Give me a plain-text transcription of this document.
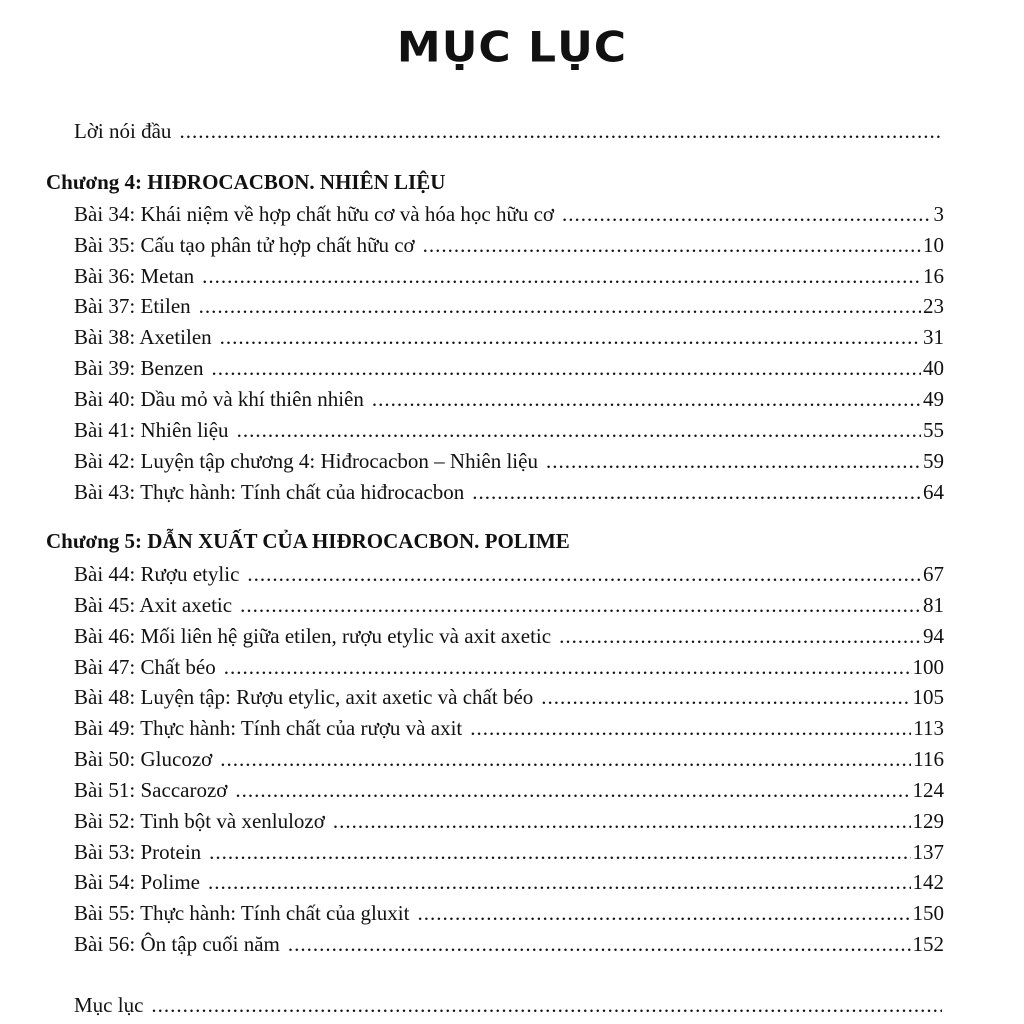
MỤC LỤC
Lời nói đầu
.....
Chương 4: HIĐROCACBON. NHIÊN LIỆU
Bài 34: Khái niệm về hợp chất hữu cơ và hóa học hữu cơ .....	3
Bài 35: Cấu tạo phân tử hợp chất hữu cơ .....	10
Bài 36: Metan .....	16
Bài 37: Etilen .....	23
Bài 38: Axetilen .....	31
Bài 39: Benzen .....	40
Bài 40: Dầu mỏ và khí thiên nhiên .....	49
Bài 41: Nhiên liệu .....	55
Bài 42: Luyện tập chương 4: Hiđrocacbon – Nhiên liệu .....	59
Bài 43: Thực hành: Tính chất của hiđrocacbon .....	64
Chương 5: DẪN XUẤT CỦA HIĐROCACBON. POLIME
Bài 44: Rượu etylic .....	67
Bài 45: Axit axetic .....	81
Bài 46: Mối liên hệ giữa etilen, rượu etylic và axit axetic .....	94
Bài 47: Chất béo .....	100
Bài 48: Luyện tập: Rượu etylic, axit axetic và chất béo .....	105
Bài 49: Thực hành: Tính chất của rượu và axit .....	113
Bài 50: Glucozơ .....	116
Bài 51: Saccarozơ .....	124
Bài 52: Tinh bột và xenlulozơ .....	129
Bài 53: Protein .....	137
Bài 54: Polime .....	142
Bài 55: Thực hành: Tính chất của gluxit .....	150
Bài 56: Ôn tập cuối năm .....	152
Mục lục
.....
